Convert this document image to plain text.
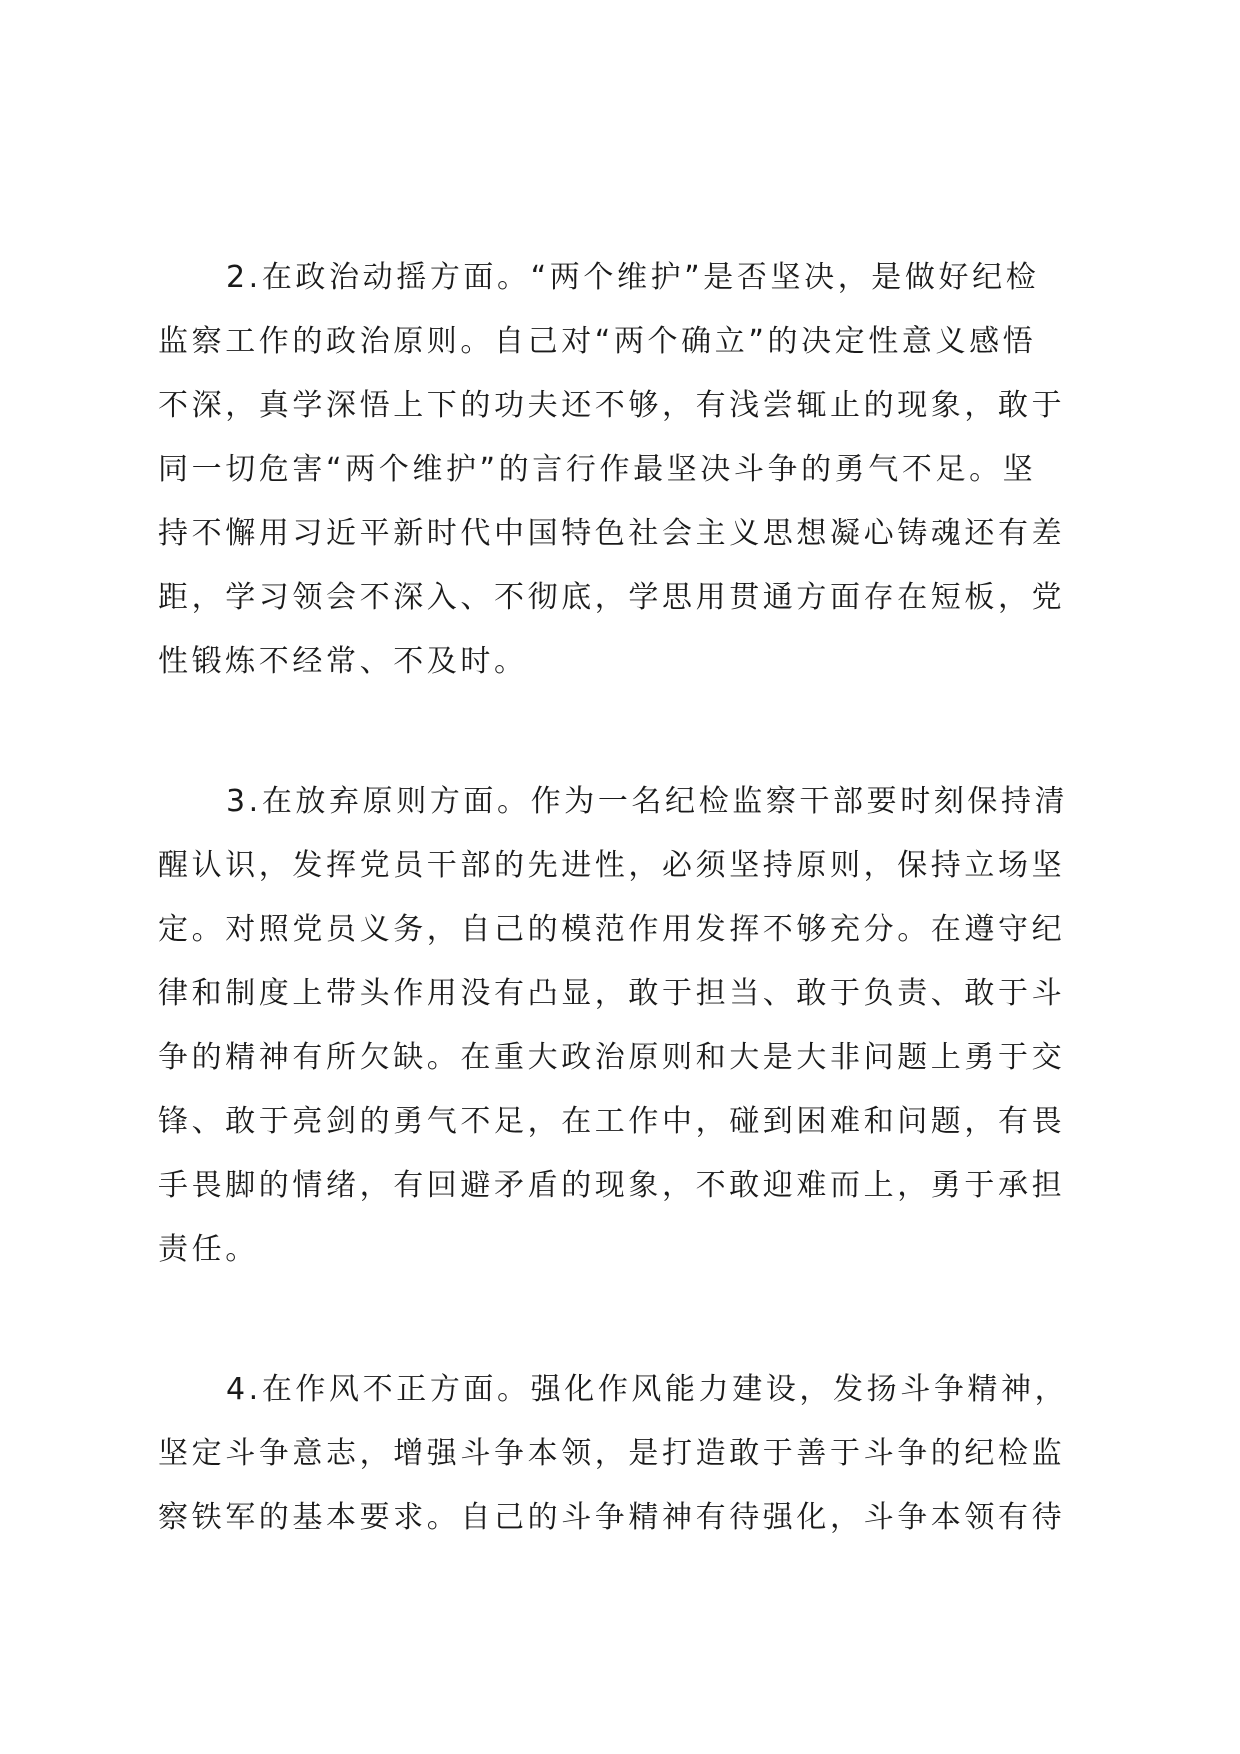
2.在政治动摇方面。“两个维护”是否坚决，是做好纪检
监察工作的政治原则。自己对“两个确立”的决定性意义感悟
不深，真学深悟上下的功夫还不够，有浅尝辄止的现象，敢于
同一切危害“两个维护”的言行作最坚决斗争的勇气不足。坚
持不懈用习近平新时代中国特色社会主义思想凝心铸魂还有差
距，学习领会不深入、不彻底，学思用贯通方面存在短板，党
性锻炼不经常、不及时。
3.在放弃原则方面。作为一名纪检监察干部要时刻保持清
醒认识，发挥党员干部的先进性，必须坚持原则，保持立场坚
定。对照党员义务，自己的模范作用发挥不够充分。在遵守纪
律和制度上带头作用没有凸显，敢于担当、敢于负责、敢于斗
争的精神有所欠缺。在重大政治原则和大是大非问题上勇于交
锋、敢于亮剑的勇气不足，在工作中，碰到困难和问题，有畏
手畏脚的情绪，有回避矛盾的现象，不敢迎难而上，勇于承担
责任。
4.在作风不正方面。强化作风能力建设，发扬斗争精神，
坚定斗争意志，增强斗争本领，是打造敢于善于斗争的纪检监
察铁军的基本要求。自己的斗争精神有待强化，斗争本领有待
